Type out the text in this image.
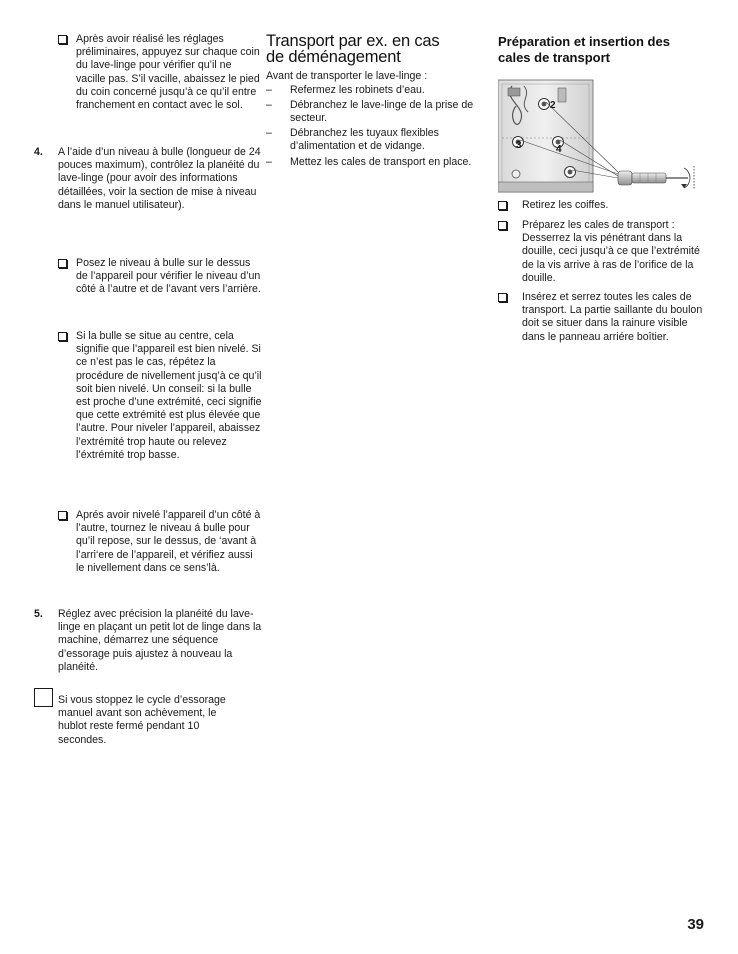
Après avoir réalisé les réglages préliminaires, appuyez sur chaque coin du lave-linge pour vérifier qu’il ne vacille pas. S’il vacille, abaissez le pied du coin concerné jusqu’à ce qu’il entre franchement en contact avec le sol.
4. A l’aide d’un niveau à bulle (longueur de 24 pouces maximum), contrôlez la planéité du lave-linge (pour avoir des informations détaillées, voir la section de mise à niveau dans le manuel utilisateur).
Posez le niveau à bulle sur le dessus de l’appareil pour vérifier le niveau d’un côté à l’autre et de l’avant vers l’arrière.
Si la bulle se situe au centre, cela signifie que l’appareil est bien nivelé. Si ce n’est pas le cas, répétez la procédure de nivellement jusq’à ce qu’il soit bien nivelé. Un conseil: si la bulle est proche d’une extrémité, ceci signifie que cette extrémité est plus élevée que l’autre. Pour niveler l’appareil, abaissez l’extrémité trop haute ou relevez l’éxtrémité trop basse.
Aprés avoir nivelé l’appareil d’un côté à l’autre, tournez le niveau á bulle pour qu’il repose, sur le dessus, de ‘avant à l’arri‘ere de l’appareil, et vérifiez aussi le nivellement dans ce sens’là.
5. Réglez avec précision la planéité du lave-linge en plaçant un petit lot de linge dans la machine, démarrez une séquence d’essorage puis ajustez à nouveau la planéité.
Si vous stoppez le cycle d’essorage manuel avant son achèvement, le hublot reste fermé pendant 10 secondes.
Transport par ex. en cas
de déménagement
Avant de transporter le lave-linge :
– Refermez les robinets d’eau.
– Débranchez le lave-linge de la prise de secteur.
– Débranchez les tuyaux flexibles d’alimentation et de vidange.
– Mettez les cales de transport en place.
Préparation et insertion des
cales de transport
2
3	4
Retirez les coiffes.
Préparez les cales de transport : Desserrez la vis pénétrant dans la douille, ceci jusqu’à ce que l’extrémité de la vis arrive à ras de l’orifice de la douille.
Insérez et serrez toutes les cales de transport. La partie saillante du boulon doit se situer dans la rainure visible dans le panneau arriére boîtier.
39
